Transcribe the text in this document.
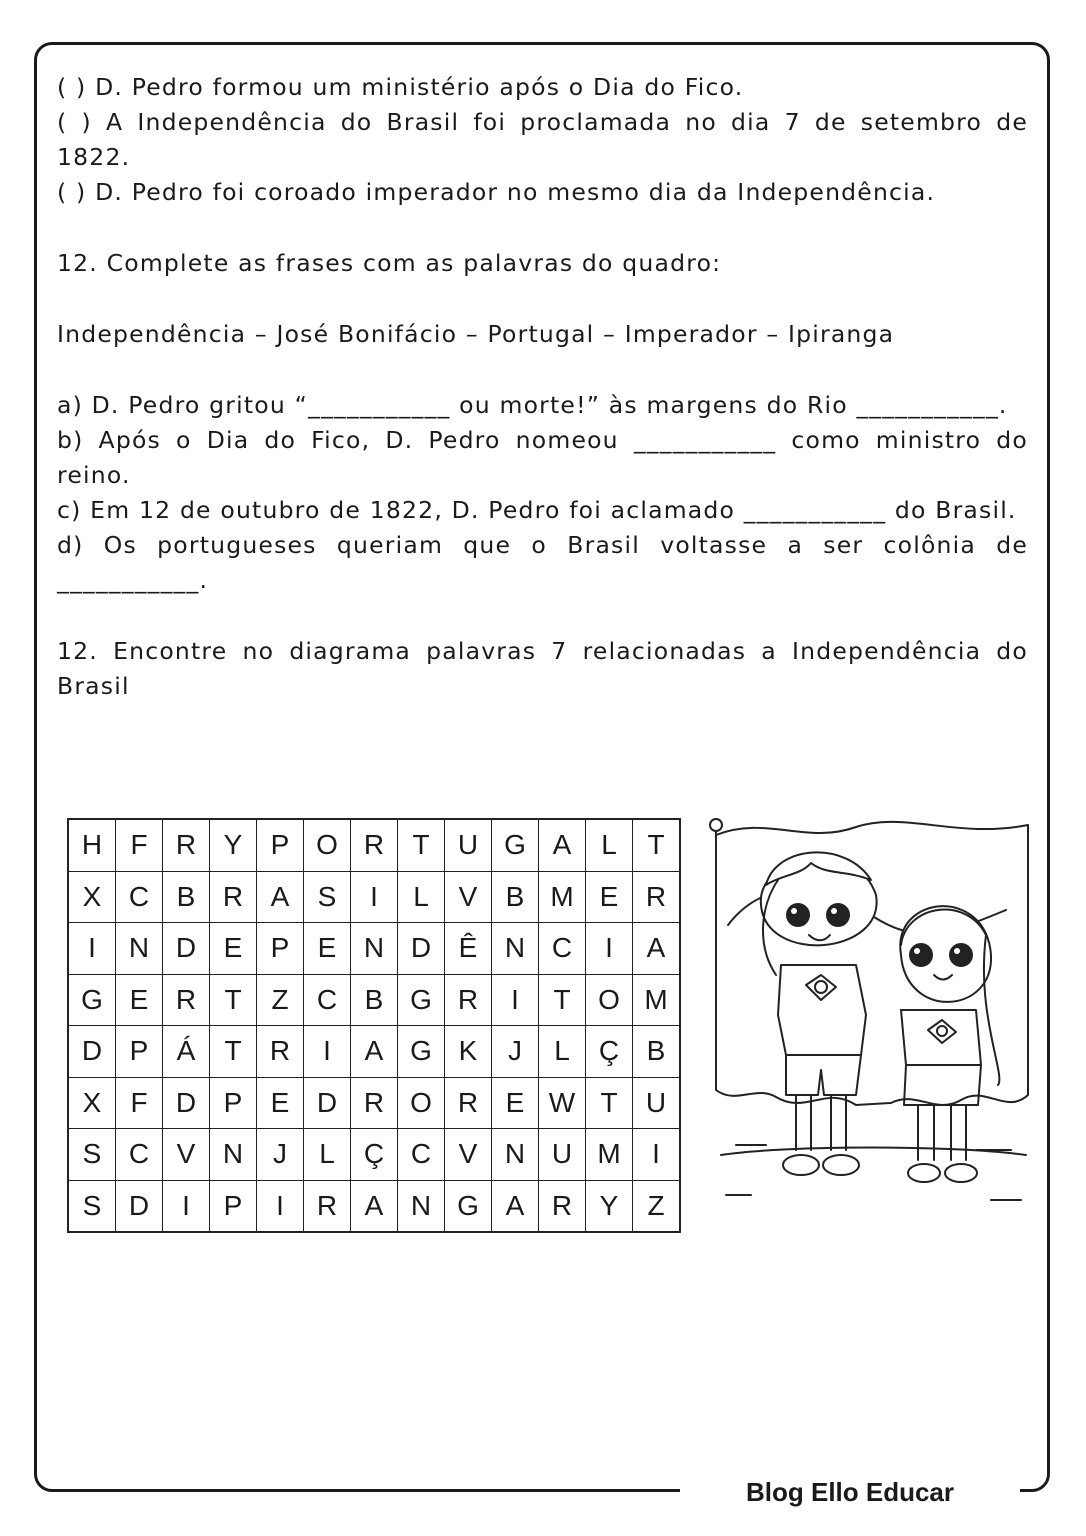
( ) D. Pedro formou um ministério após o Dia do Fico.

( ) A Independência do Brasil foi proclamada no dia 7 de setembro de 1822.

( ) D. Pedro foi coroado imperador no mesmo dia da Independência.

12. Complete as frases com as palavras do quadro:

Independência – José Bonifácio – Portugal – Imperador – Ipiranga

a) D. Pedro gritou “___________ ou morte!” às margens do Rio ___________.

b) Após o Dia do Fico, D. Pedro nomeou ___________ como ministro do reino.

c) Em 12 de outubro de 1822, D. Pedro foi aclamado ___________ do Brasil.

d) Os portugueses queriam que o Brasil voltasse a ser colônia de ___________.

12. Encontre no diagrama palavras 7 relacionadas a Independência do Brasil

H	F	R	Y	P	O	R	T	U	G	A	L	T
X	C	B	R	A	S	I	L	V	B	M	E	R
I	N	D	E	P	E	N	D	Ê	N	C	I	A
G	E	R	T	Z	C	B	G	R	I	T	O	M
D	P	Á	T	R	I	A	G	K	J	L	Ç	B
X	F	D	P	E	D	R	O	R	E	W	T	U
S	C	V	N	J	L	Ç	C	V	N	U	M	I
S	D	I	P	I	R	A	N	G	A	R	Y	Z
Blog Ello Educar
